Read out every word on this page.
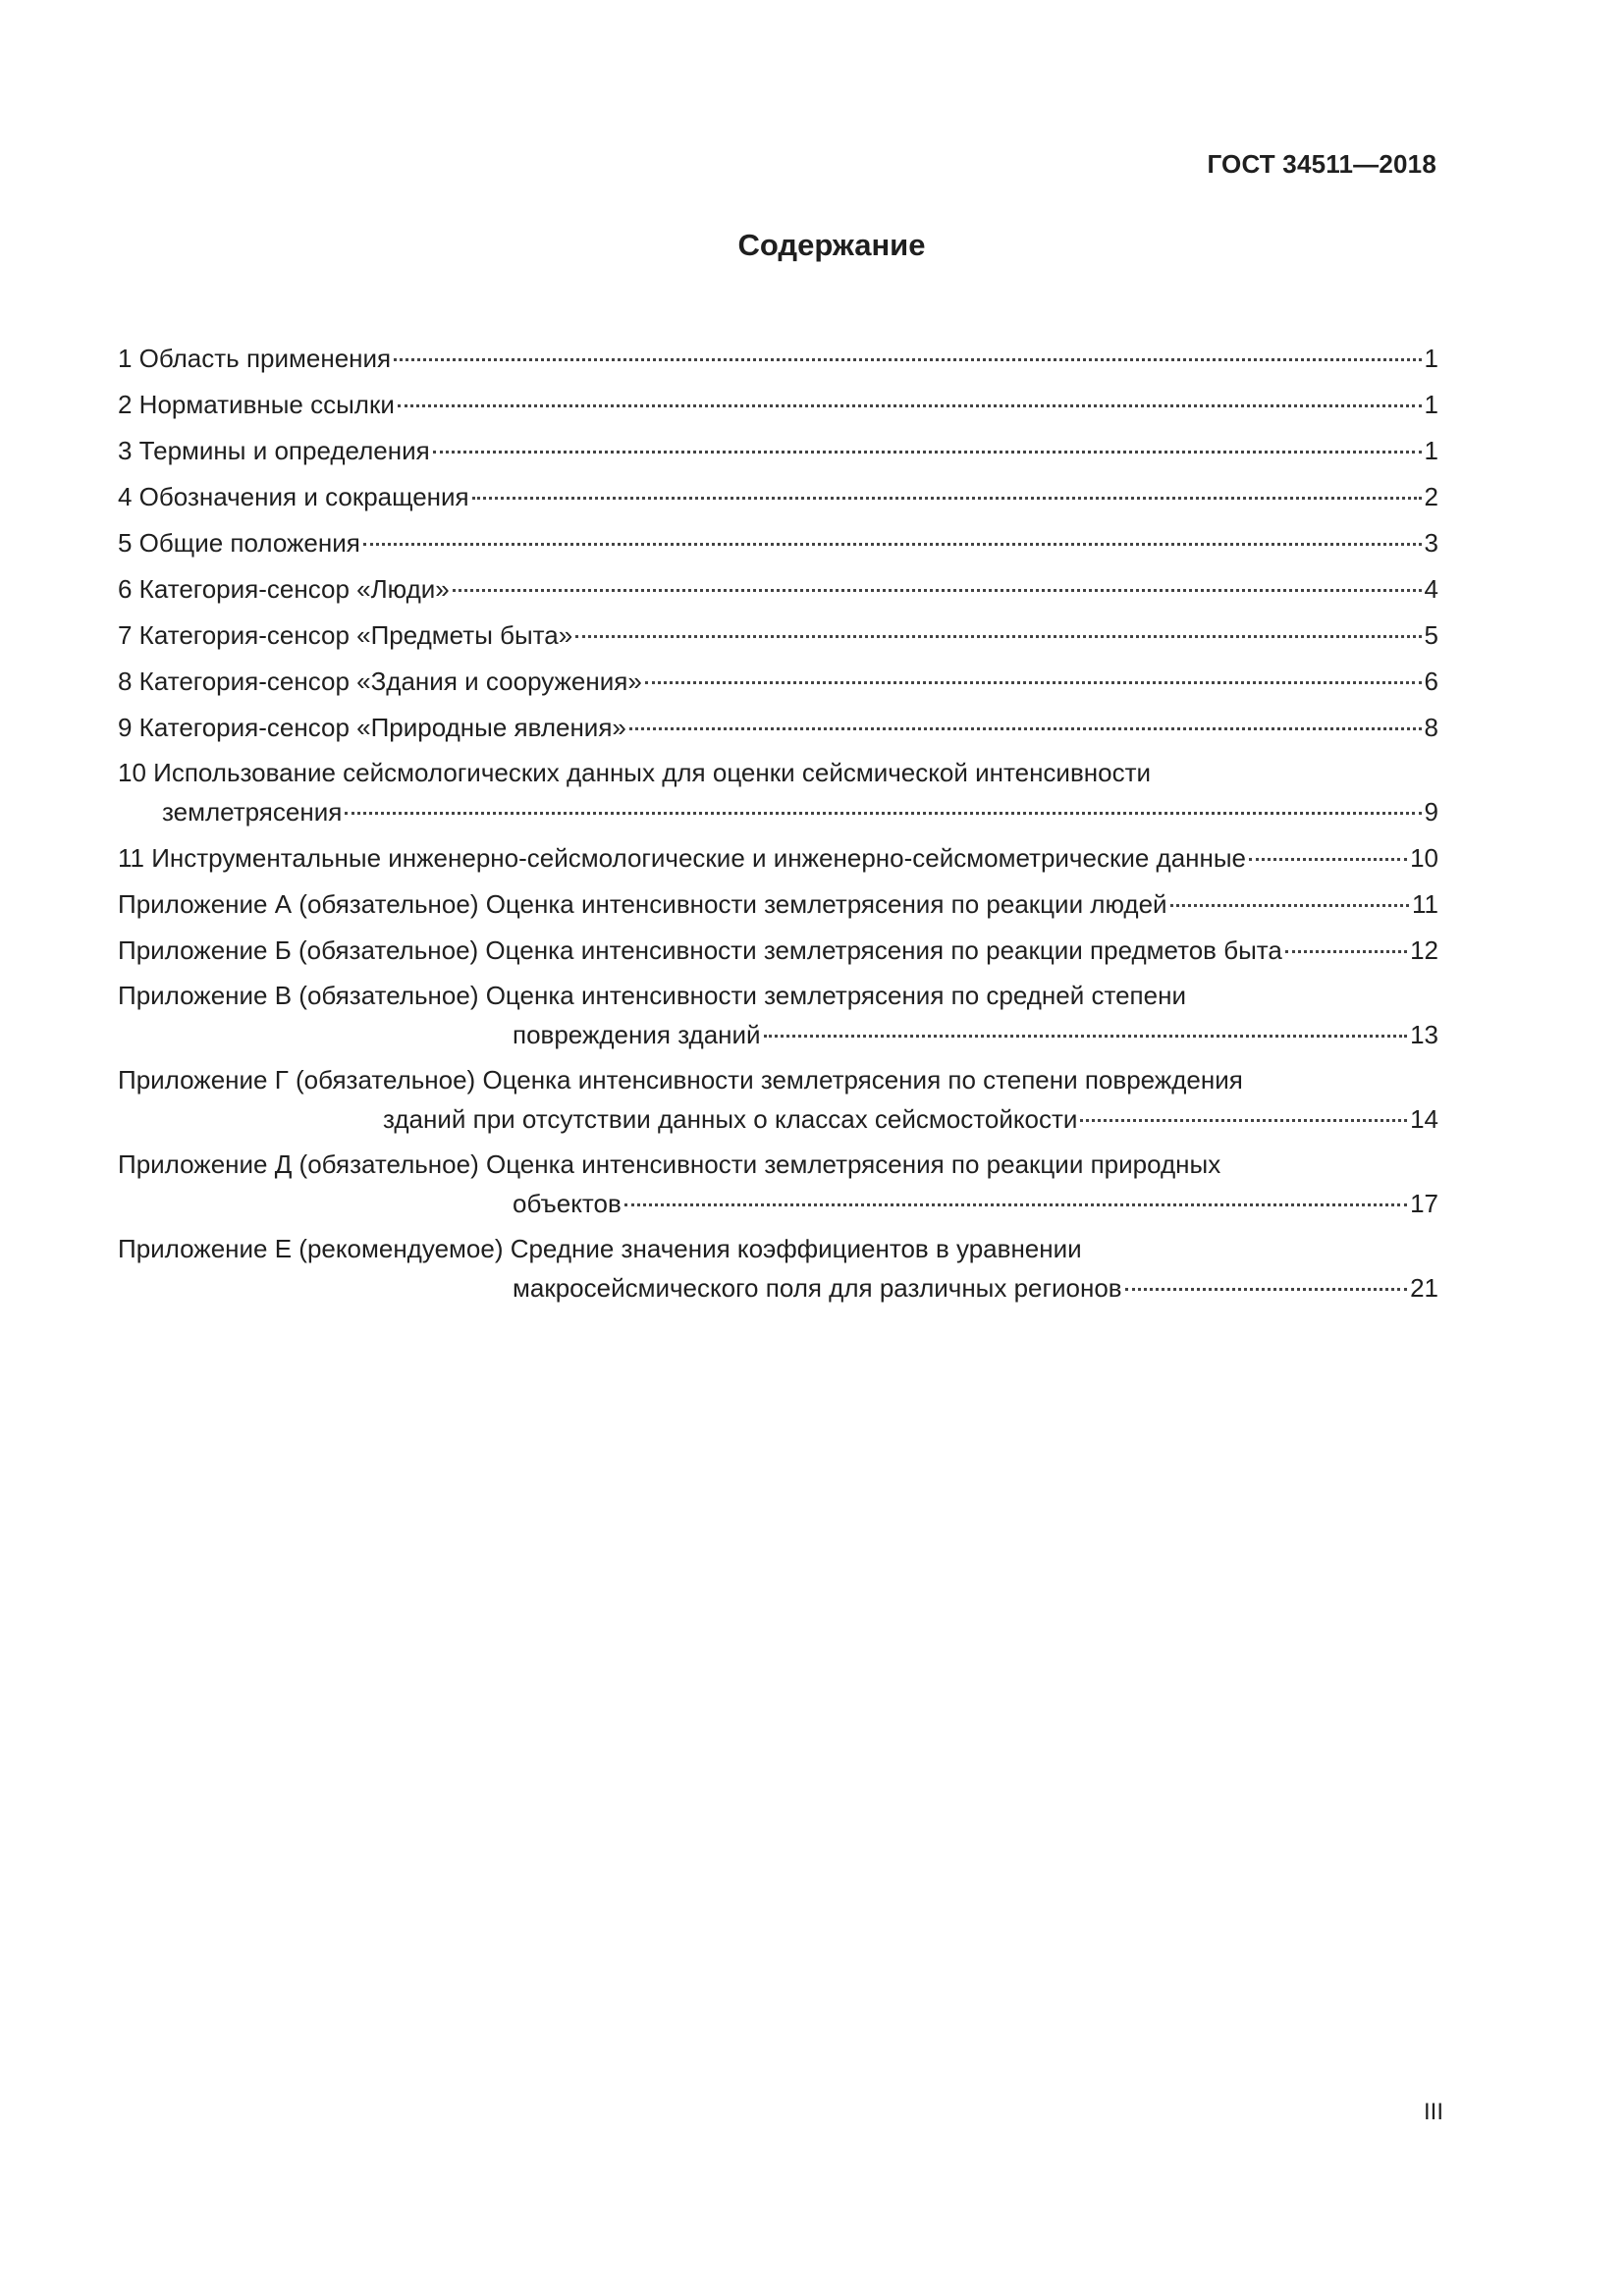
ГОСТ 34511—2018
Содержание
1 Область применения	1
2 Нормативные ссылки	1
3 Термины и определения	1
4 Обозначения и сокращения	2
5 Общие положения	3
6 Категория-сенсор «Люди»	4
7 Категория-сенсор «Предметы быта»	5
8 Категория-сенсор «Здания и сооружения»	6
9 Категория-сенсор «Природные явления»	8
10 Использование сейсмологических данных для оценки сейсмической интенсивности
землетрясения	9
11 Инструментальные инженерно-сейсмологические и инженерно-сейсмометрические данные	10
Приложение А (обязательное) Оценка интенсивности землетрясения по реакции людей	11
Приложение Б (обязательное) Оценка интенсивности землетрясения по реакции предметов быта	12
Приложение В (обязательное) Оценка интенсивности землетрясения по средней степени
повреждения зданий	13
Приложение Г (обязательное) Оценка интенсивности землетрясения по степени повреждения
зданий при отсутствии данных о классах сейсмостойкости	14
Приложение Д (обязательное) Оценка интенсивности землетрясения по реакции природных
объектов	17
Приложение Е (рекомендуемое) Средние значения коэффициентов в уравнении
макросейсмического поля для различных регионов	21
III
